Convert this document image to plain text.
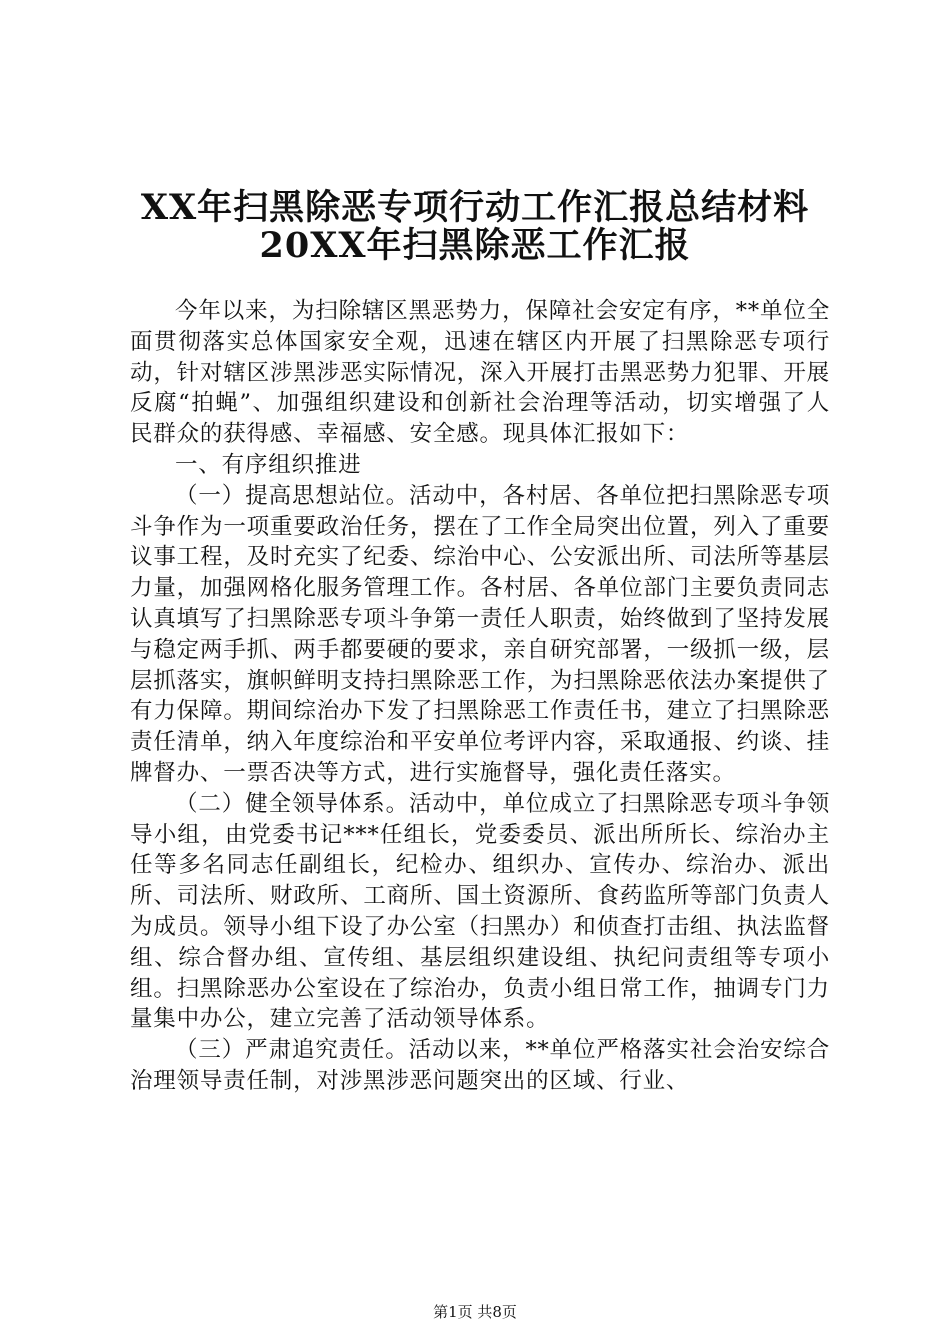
XX年扫黑除恶专项行动工作汇报总结材料
20XX年扫黑除恶工作汇报

今年以来，为扫除辖区黑恶势力，保障社会安定有序，**单位全面贯彻落实总体国家安全观，迅速在辖区内开展了扫黑除恶专项行动，针对辖区涉黑涉恶实际情况，深入开展打击黑恶势力犯罪、开展反腐“拍蝇”、加强组织建设和创新社会治理等活动，切实增强了人民群众的获得感、幸福感、安全感。现具体汇报如下：

一、有序组织推进

（一）提高思想站位。活动中，各村居、各单位把扫黑除恶专项斗争作为一项重要政治任务，摆在了工作全局突出位置，列入了重要议事工程，及时充实了纪委、综治中心、公安派出所、司法所等基层力量，加强网格化服务管理工作。各村居、各单位部门主要负责同志认真填写了扫黑除恶专项斗争第一责任人职责，始终做到了坚持发展与稳定两手抓、两手都要硬的要求，亲自研究部署，一级抓一级，层层抓落实，旗帜鲜明支持扫黑除恶工作，为扫黑除恶依法办案提供了有力保障。期间综治办下发了扫黑除恶工作责任书，建立了扫黑除恶责任清单，纳入年度综治和平安单位考评内容，采取通报、约谈、挂牌督办、一票否决等方式，进行实施督导，强化责任落实。

（二）健全领导体系。活动中，单位成立了扫黑除恶专项斗争领导小组，由党委书记***任组长，党委委员、派出所所长、综治办主任等多名同志任副组长，纪检办、组织办、宣传办、综治办、派出所、司法所、财政所、工商所、国土资源所、食药监所等部门负责人为成员。领导小组下设了办公室（扫黑办）和侦查打击组、执法监督组、综合督办组、宣传组、基层组织建设组、执纪问责组等专项小组。扫黑除恶办公室设在了综治办，负责小组日常工作，抽调专门力量集中办公，建立完善了活动领导体系。

（三）严肃追究责任。活动以来，**单位严格落实社会治安综合治理领导责任制，对涉黑涉恶问题突出的区域、行业、

第1页 共8页
